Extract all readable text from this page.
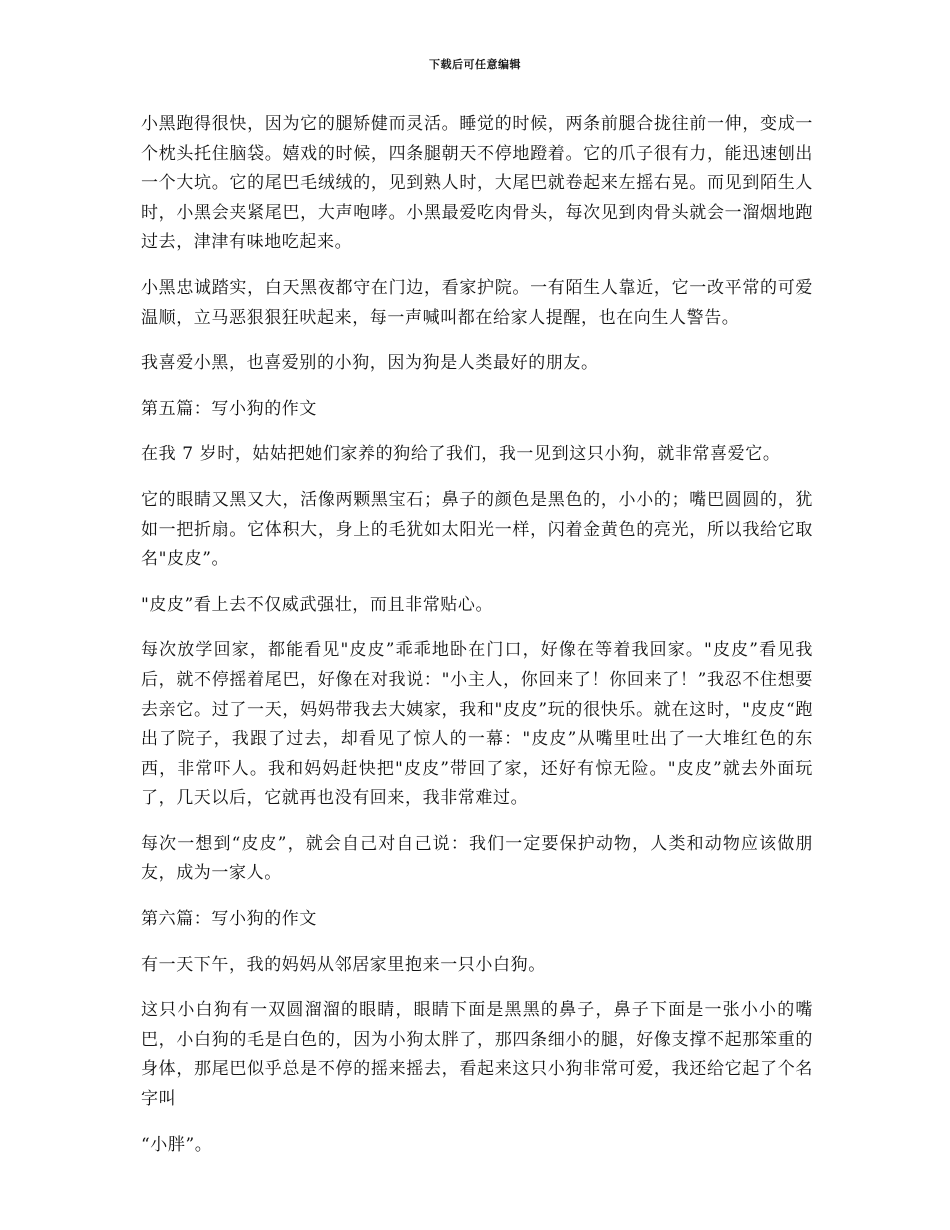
下载后可任意编辑

小黑跑得很快，因为它的腿矫健而灵活。睡觉的时候，两条前腿合拢往前一伸，变成一个枕头托住脑袋。嬉戏的时候，四条腿朝天不停地蹬着。它的爪子很有力，能迅速刨出一个大坑。它的尾巴毛绒绒的，见到熟人时，大尾巴就卷起来左摇右晃。而见到陌生人时，小黑会夹紧尾巴，大声咆哮。小黑最爱吃肉骨头，每次见到肉骨头就会一溜烟地跑过去，津津有味地吃起来。

小黑忠诚踏实，白天黑夜都守在门边，看家护院。一有陌生人靠近，它一改平常的可爱温顺，立马恶狠狠狂吠起来，每一声喊叫都在给家人提醒，也在向生人警告。

我喜爱小黑，也喜爱别的小狗，因为狗是人类最好的朋友。

第五篇：写小狗的作文

在我 7 岁时，姑姑把她们家养的狗给了我们，我一见到这只小狗，就非常喜爱它。

它的眼睛又黑又大，活像两颗黑宝石；鼻子的颜色是黑色的，小小的；嘴巴圆圆的，犹如一把折扇。它体积大，身上的毛犹如太阳光一样，闪着金黄色的亮光，所以我给它取名"皮皮”。

"皮皮”看上去不仅威武强壮，而且非常贴心。

每次放学回家，都能看见"皮皮”乖乖地卧在门口，好像在等着我回家。"皮皮”看见我后，就不停摇着尾巴，好像在对我说："小主人，你回来了！你回来了！”我忍不住想要去亲它。过了一天，妈妈带我去大姨家，我和"皮皮”玩的很快乐。就在这时，"皮皮“跑出了院子，我跟了过去，却看见了惊人的一幕："皮皮”从嘴里吐出了一大堆红色的东西，非常吓人。我和妈妈赶快把"皮皮”带回了家，还好有惊无险。"皮皮”就去外面玩了，几天以后，它就再也没有回来，我非常难过。

每次一想到“皮皮”，就会自己对自己说：我们一定要保护动物，人类和动物应该做朋友，成为一家人。

第六篇：写小狗的作文

有一天下午，我的妈妈从邻居家里抱来一只小白狗。

这只小白狗有一双圆溜溜的眼睛，眼睛下面是黑黑的鼻子，鼻子下面是一张小小的嘴巴，小白狗的毛是白色的，因为小狗太胖了，那四条细小的腿，好像支撑不起那笨重的身体，那尾巴似乎总是不停的摇来摇去，看起来这只小狗非常可爱，我还给它起了个名字叫

“小胖”。
